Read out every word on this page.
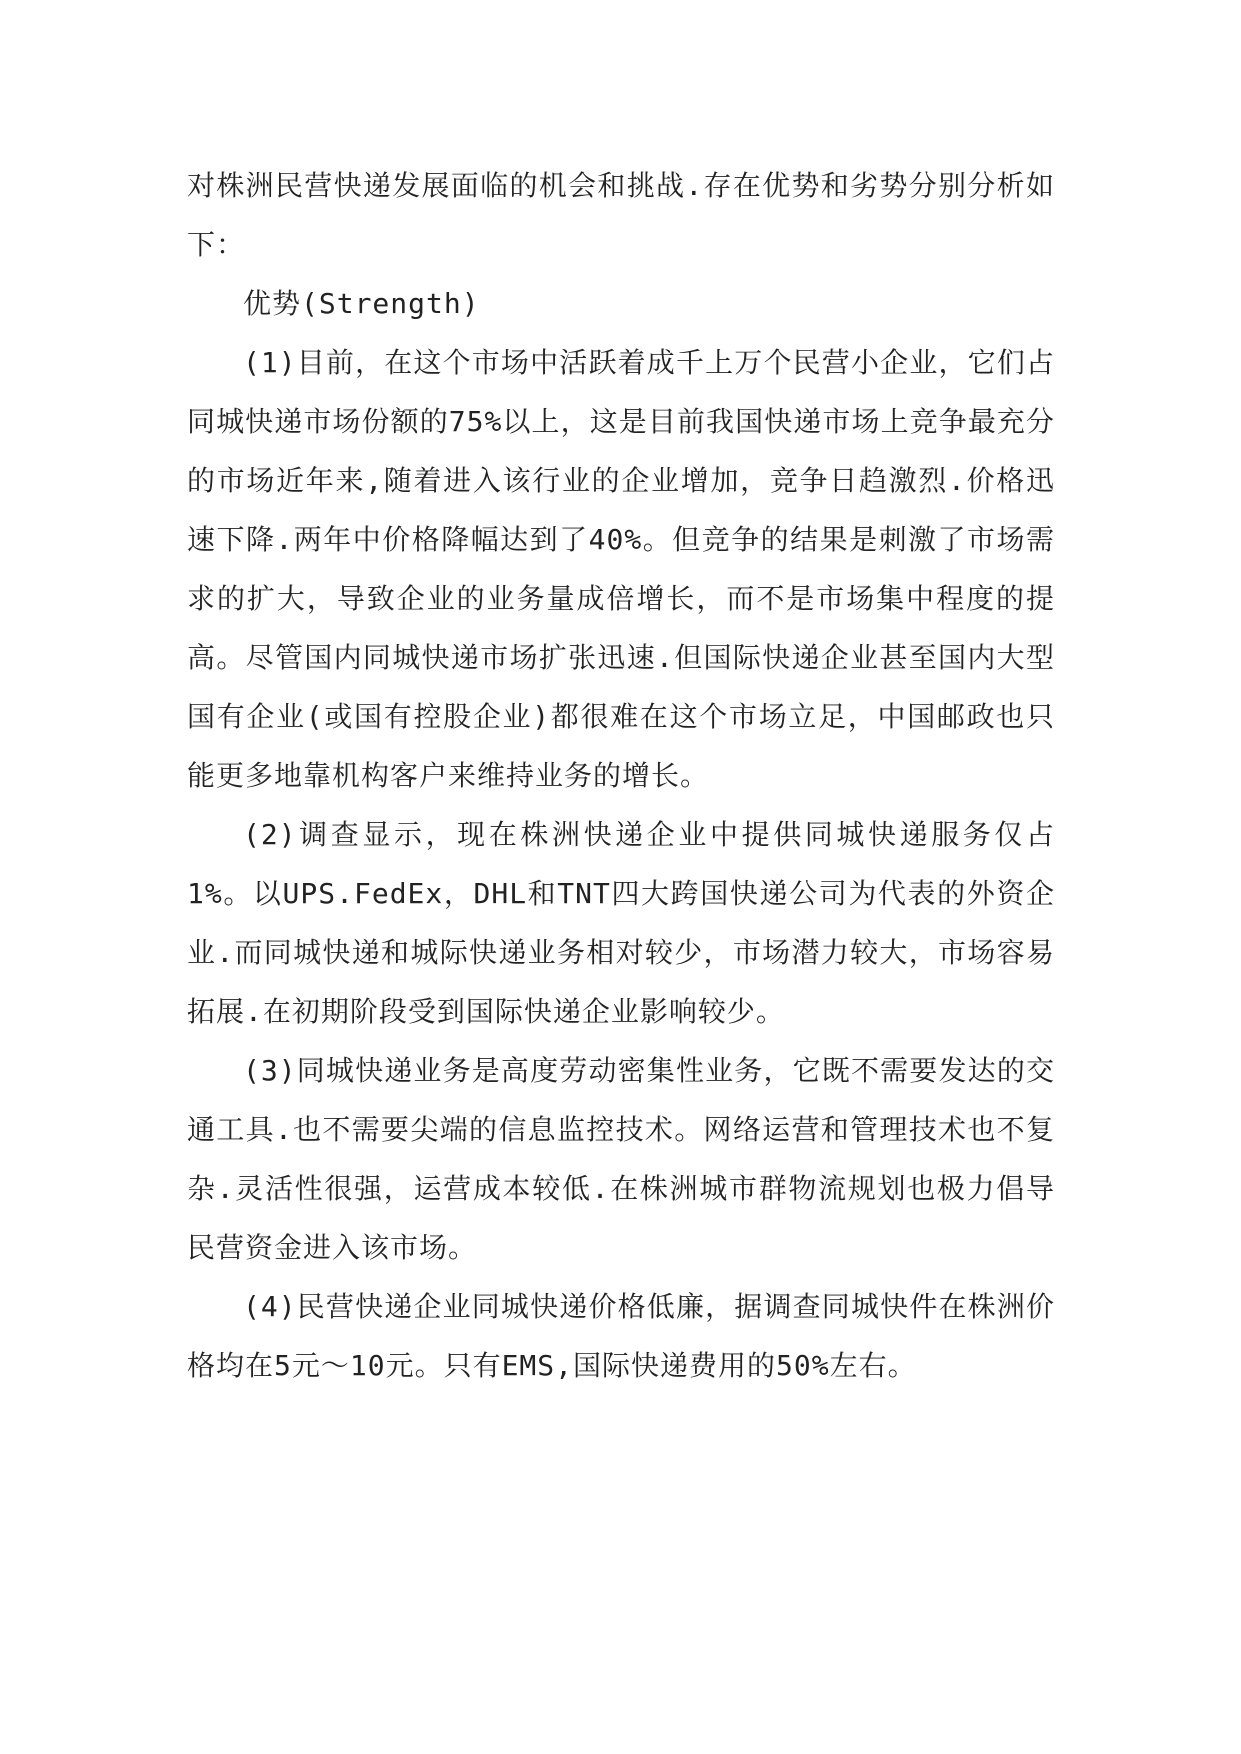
对株洲民营快递发展面临的机会和挑战.存在优势和劣势分别分析如下：

优势(Strength)

(1)目前，在这个市场中活跃着成千上万个民营小企业，它们占同城快递市场份额的75%以上，这是目前我国快递市场上竞争最充分的市场近年来,随着进入该行业的企业增加，竞争日趋激烈.价格迅速下降.两年中价格降幅达到了40%。但竞争的结果是刺激了市场需求的扩大，导致企业的业务量成倍增长，而不是市场集中程度的提高。尽管国内同城快递市场扩张迅速.但国际快递企业甚至国内大型国有企业(或国有控股企业)都很难在这个市场立足，中国邮政也只能更多地靠机构客户来维持业务的增长。

(2)调查显示，现在株洲快递企业中提供同城快递服务仅占1%。以UPS.FedEx，DHL和TNT四大跨国快递公司为代表的外资企业.而同城快递和城际快递业务相对较少，市场潜力较大，市场容易拓展.在初期阶段受到国际快递企业影响较少。

(3)同城快递业务是高度劳动密集性业务，它既不需要发达的交通工具.也不需要尖端的信息监控技术。网络运营和管理技术也不复杂.灵活性很强，运营成本较低.在株洲城市群物流规划也极力倡导民营资金进入该市场。

(4)民营快递企业同城快递价格低廉，据调查同城快件在株洲价格均在5元～10元。只有EMS,国际快递费用的50%左右。
